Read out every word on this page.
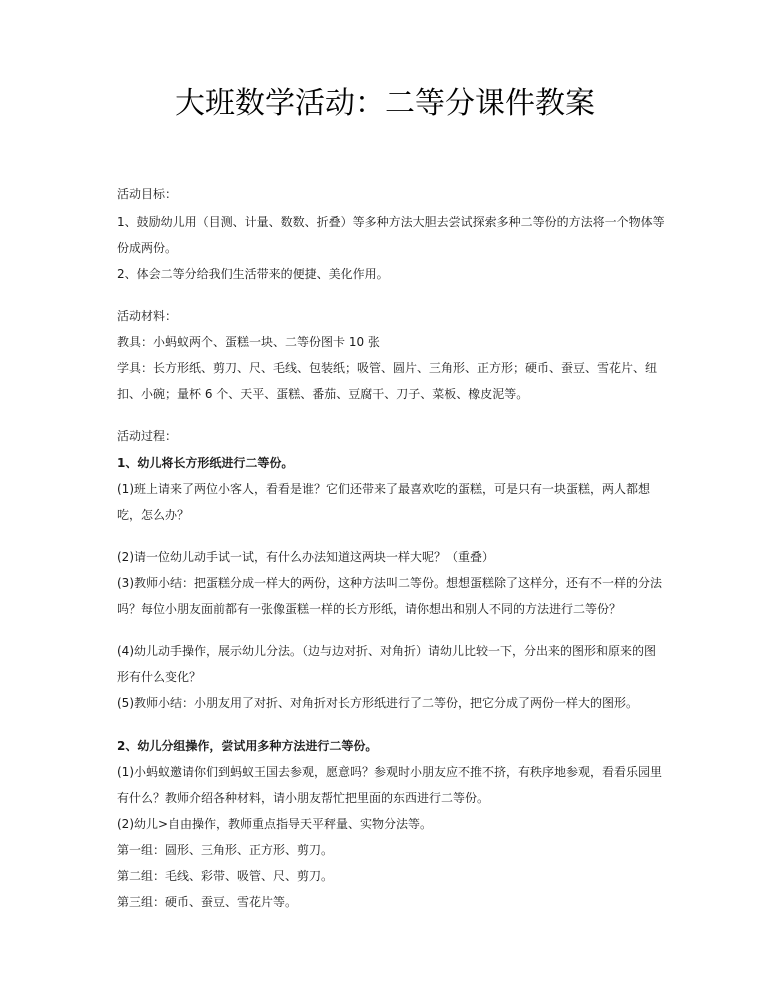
大班数学活动：二等分课件教案

活动目标：

1、鼓励幼儿用（目测、计量、数数、折叠）等多种方法大胆去尝试探索多种二等份的方法将一个物体等

份成两份。

2、体会二等分给我们生活带来的便捷、美化作用。

活动材料：

教具：小蚂蚁两个、蛋糕一块、二等份图卡 10 张

学具：长方形纸、剪刀、尺、毛线、包装纸；吸管、圆片、三角形、正方形；硬币、蚕豆、雪花片、纽

扣、小碗；量杯 6 个、天平、蛋糕、番茄、豆腐干、刀子、菜板、橡皮泥等。

活动过程：

1、幼儿将长方形纸进行二等份。

(1)班上请来了两位小客人，看看是谁？它们还带来了最喜欢吃的蛋糕，可是只有一块蛋糕，两人都想

吃，怎么办？

(2)请一位幼儿动手试一试，有什么办法知道这两块一样大呢？（重叠）

(3)教师小结：把蛋糕分成一样大的两份，这种方法叫二等份。想想蛋糕除了这样分，还有不一样的分法

吗？每位小朋友面前都有一张像蛋糕一样的长方形纸，请你想出和别人不同的方法进行二等份？

(4)幼儿动手操作，展示幼儿分法。（边与边对折、对角折）请幼儿比较一下，分出来的图形和原来的图

形有什么变化？

(5)教师小结：小朋友用了对折、对角折对长方形纸进行了二等份，把它分成了两份一样大的图形。

2、幼儿分组操作，尝试用多种方法进行二等份。

(1)小蚂蚁邀请你们到蚂蚁王国去参观，愿意吗？参观时小朋友应不推不挤，有秩序地参观，看看乐园里

有什么？教师介绍各种材料，请小朋友帮忙把里面的东西进行二等份。

(2)幼儿>自由操作，教师重点指导天平秤量、实物分法等。

第一组：圆形、三角形、正方形、剪刀。

第二组：毛线、彩带、吸管、尺、剪刀。

第三组：硬币、蚕豆、雪花片等。
